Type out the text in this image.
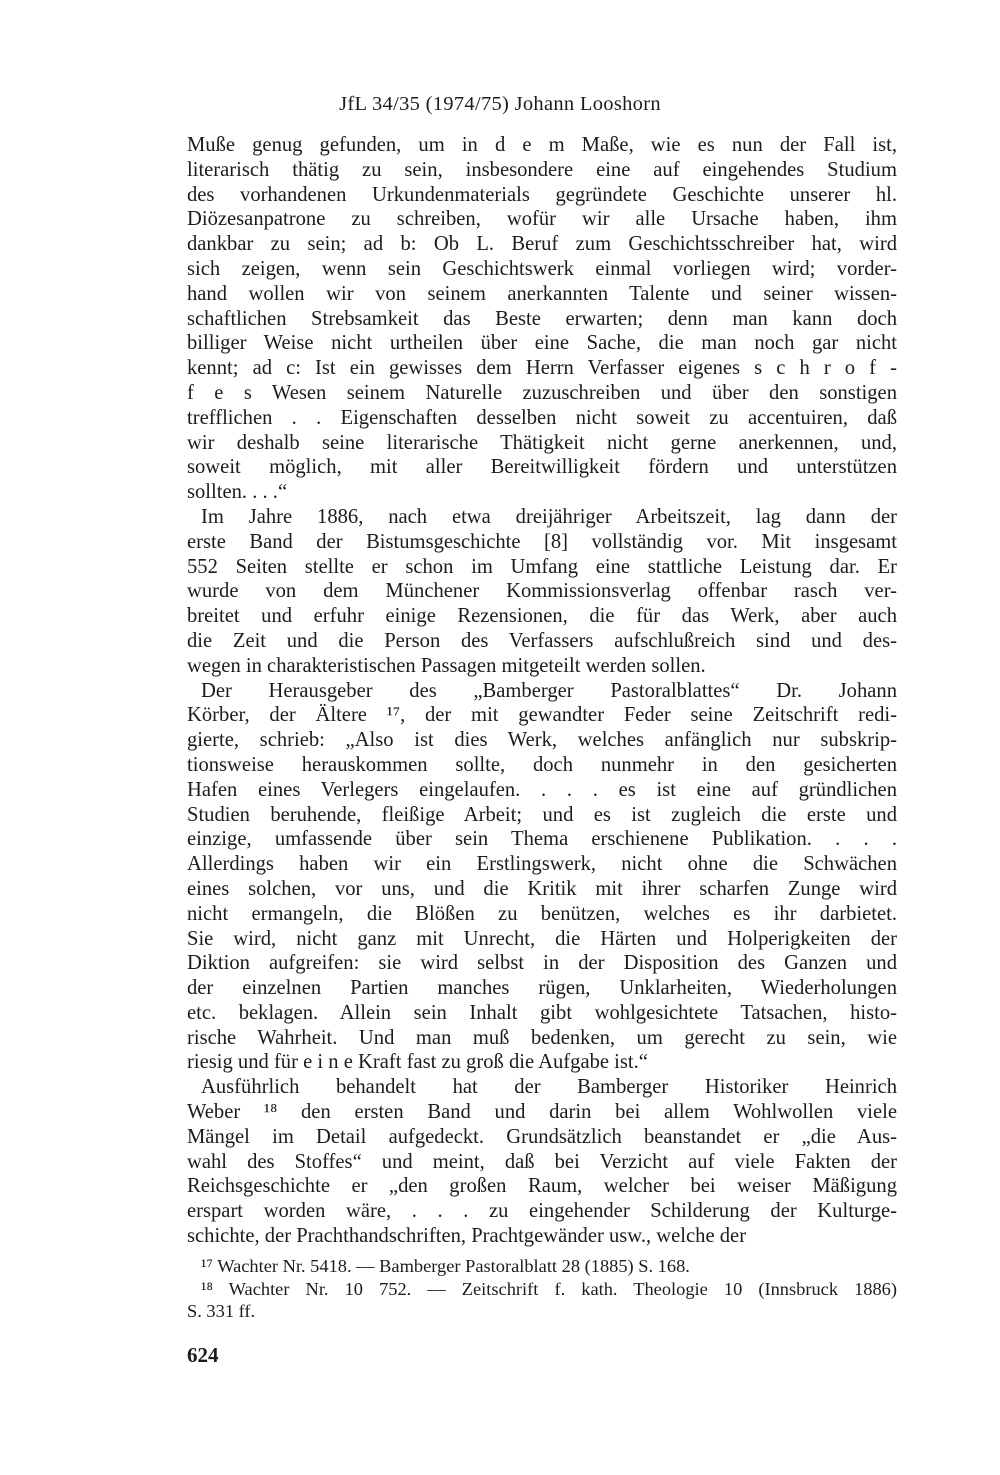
JfL 34/35 (1974/75) Johann Looshorn
Muße genug gefunden, um in d e m Maße, wie es nun der Fall ist,
literarisch thätig zu sein, insbesondere eine auf eingehendes Studium
des vorhandenen Urkundenmaterials gegründete Geschichte unserer hl.
Diözesanpatrone zu schreiben, wofür wir alle Ursache haben, ihm
dankbar zu sein; ad b: Ob L. Beruf zum Geschichtsschreiber hat, wird
sich zeigen, wenn sein Geschichtswerk einmal vorliegen wird; vorder-
hand wollen wir von seinem anerkannten Talente und seiner wissen-
schaftlichen Strebsamkeit das Beste erwarten; denn man kann doch
billiger Weise nicht urtheilen über eine Sache, die man noch gar nicht
kennt; ad c: Ist ein gewisses dem Herrn Verfasser eigenes s c h r o f -
f e s Wesen seinem Naturelle zuzuschreiben und über den sonstigen
trefflichen . . Eigenschaften desselben nicht soweit zu accentuiren, daß
wir deshalb seine literarische Thätigkeit nicht gerne anerkennen, und,
soweit möglich, mit aller Bereitwilligkeit fördern und unterstützen
sollten. . . .“
Im Jahre 1886, nach etwa dreijähriger Arbeitszeit, lag dann der
erste Band der Bistumsgeschichte [8] vollständig vor. Mit insgesamt
552 Seiten stellte er schon im Umfang eine stattliche Leistung dar. Er
wurde von dem Münchener Kommissionsverlag offenbar rasch ver-
breitet und erfuhr einige Rezensionen, die für das Werk, aber auch
die Zeit und die Person des Verfassers aufschlußreich sind und des-
wegen in charakteristischen Passagen mitgeteilt werden sollen.
Der Herausgeber des „Bamberger Pastoralblattes“ Dr. Johann
Körber, der Ältere ¹⁷, der mit gewandter Feder seine Zeitschrift redi-
gierte, schrieb: „Also ist dies Werk, welches anfänglich nur subskrip-
tionsweise herauskommen sollte, doch nunmehr in den gesicherten
Hafen eines Verlegers eingelaufen. . . . es ist eine auf gründlichen
Studien beruhende, fleißige Arbeit; und es ist zugleich die erste und
einzige, umfassende über sein Thema erschienene Publikation. . . .
Allerdings haben wir ein Erstlingswerk, nicht ohne die Schwächen
eines solchen, vor uns, und die Kritik mit ihrer scharfen Zunge wird
nicht ermangeln, die Blößen zu benützen, welches es ihr darbietet.
Sie wird, nicht ganz mit Unrecht, die Härten und Holperigkeiten der
Diktion aufgreifen: sie wird selbst in der Disposition des Ganzen und
der einzelnen Partien manches rügen, Unklarheiten, Wiederholungen
etc. beklagen. Allein sein Inhalt gibt wohlgesichtete Tatsachen, histo-
rische Wahrheit. Und man muß bedenken, um gerecht zu sein, wie
riesig und für e i n e Kraft fast zu groß die Aufgabe ist.“
Ausführlich behandelt hat der Bamberger Historiker Heinrich
Weber ¹⁸ den ersten Band und darin bei allem Wohlwollen viele
Mängel im Detail aufgedeckt. Grundsätzlich beanstandet er „die Aus-
wahl des Stoffes“ und meint, daß bei Verzicht auf viele Fakten der
Reichsgeschichte er „den großen Raum, welcher bei weiser Mäßigung
erspart worden wäre, . . . zu eingehender Schilderung der Kulturge-
schichte, der Prachthandschriften, Prachtgewänder usw., welche der
¹⁷ Wachter Nr. 5418. — Bamberger Pastoralblatt 28 (1885) S. 168.
¹⁸ Wachter Nr. 10 752. — Zeitschrift f. kath. Theologie 10 (Innsbruck 1886)
S. 331 ff.
624
